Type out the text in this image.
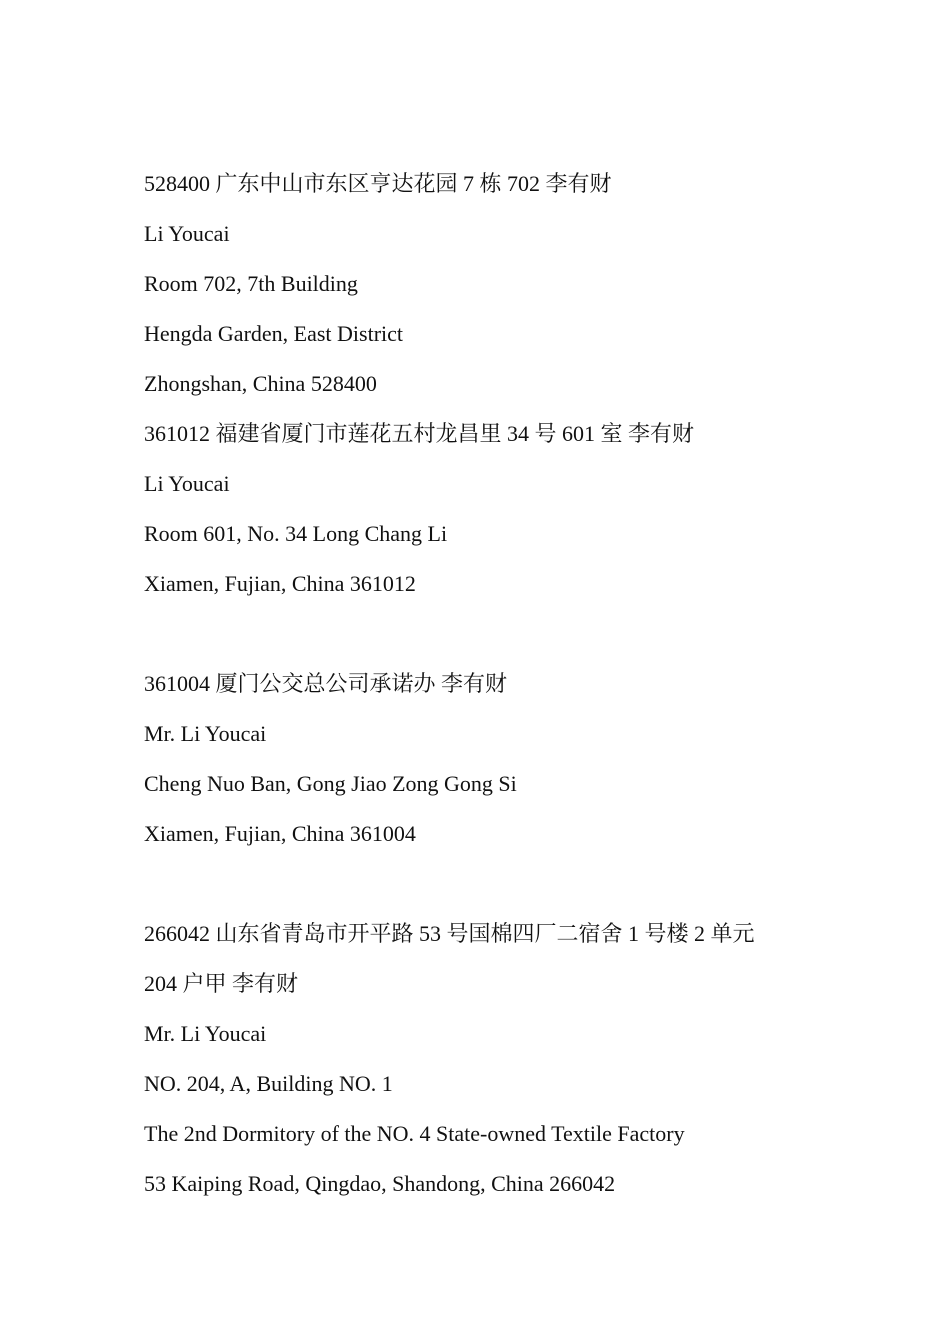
528400 广东中山市东区亨达花园 7 栋 702 李有财
Li Youcai
Room 702, 7th Building
Hengda Garden, East District
Zhongshan, China 528400
361012 福建省厦门市莲花五村龙昌里 34 号 601 室 李有财
Li Youcai
Room 601, No. 34 Long Chang Li
Xiamen, Fujian, China 361012
361004 厦门公交总公司承诺办 李有财
Mr. Li Youcai
Cheng Nuo Ban, Gong Jiao Zong Gong Si
Xiamen, Fujian, China 361004
266042 山东省青岛市开平路 53 号国棉四厂二宿舍 1 号楼 2 单元
204 户甲 李有财
Mr. Li Youcai
NO. 204, A, Building NO. 1
The 2nd Dormitory of the NO. 4 State-owned Textile Factory
53 Kaiping Road, Qingdao, Shandong, China 266042
